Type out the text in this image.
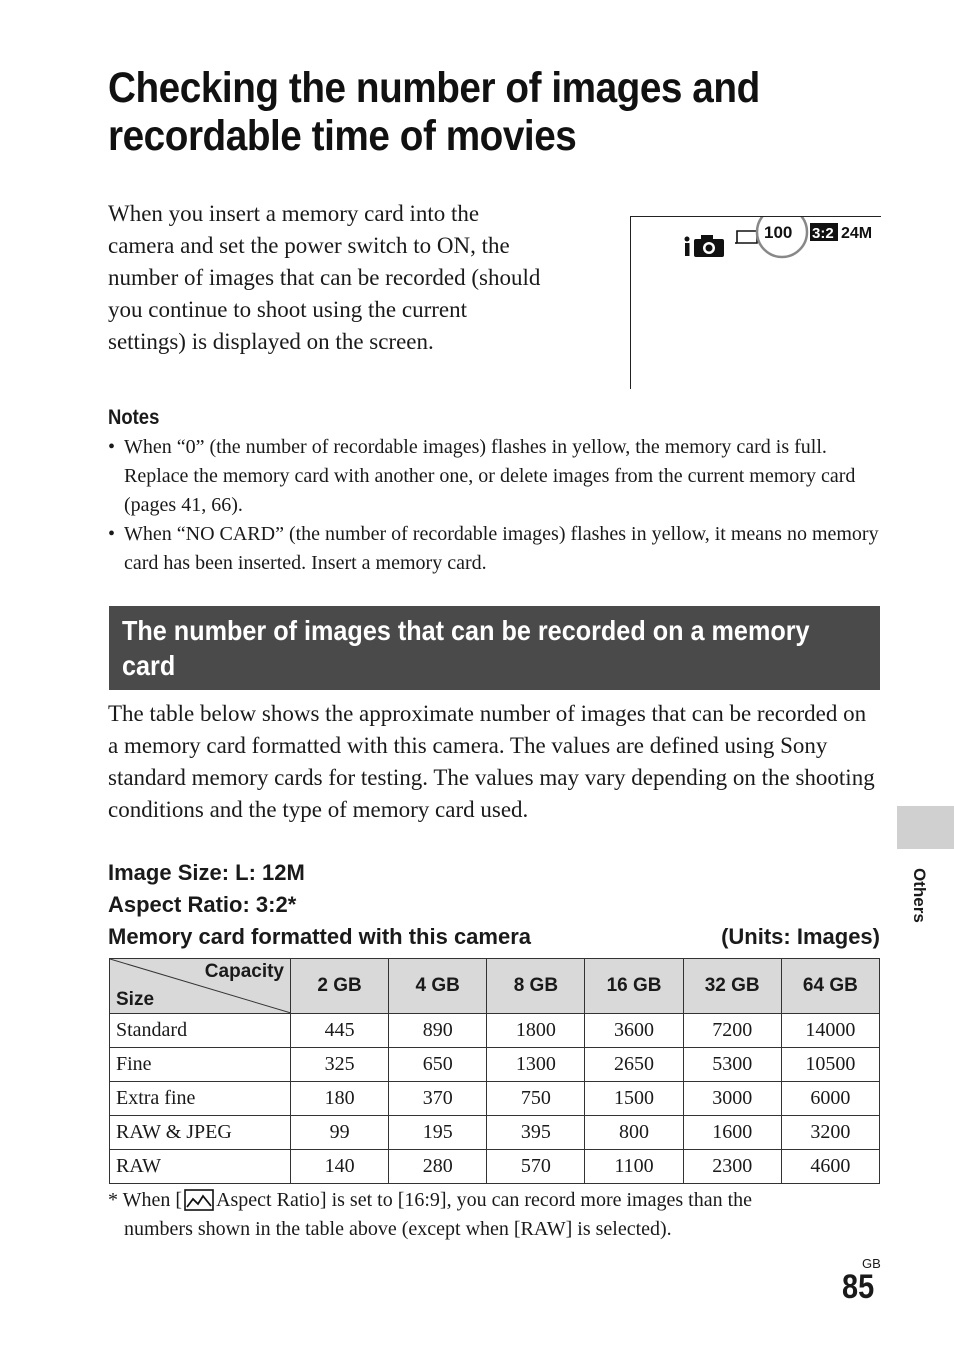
Checking the number of images and
recordable time of movies
When you insert a memory card into the camera and set the power switch to ON, the number of images that can be recorded (should you continue to shoot using the current settings) is displayed on the screen.
100 3:2 24M
Notes
• When “0” (the number of recordable images) flashes in yellow, the memory card is full. Replace the memory card with another one, or delete images from the current memory card (pages 41, 66).
• When “NO CARD” (the number of recordable images) flashes in yellow, it means no memory card has been inserted. Insert a memory card.
The number of images that can be recorded on a memory card
The table below shows the approximate number of images that can be recorded on a memory card formatted with this camera. The values are defined using Sony standard memory cards for testing. The values may vary depending on the shooting conditions and the type of memory card used.
Image Size: L: 12M
Aspect Ratio: 3:2*
Memory card formatted with this camera	(Units: Images)
Capacity
Size	2 GB	4 GB	8 GB	16 GB	32 GB	64 GB
Standard	445	890	1800	3600	7200	14000
Fine	325	650	1300	2650	5300	10500
Extra fine	180	370	750	1500	3000	6000
RAW & JPEG	99	195	395	800	1600	3200
RAW	140	280	570	1100	2300	4600
* When [ Aspect Ratio] is set to [16:9], you can record more images than the
numbers shown in the table above (except when [RAW] is selected).
Others
GB
85
